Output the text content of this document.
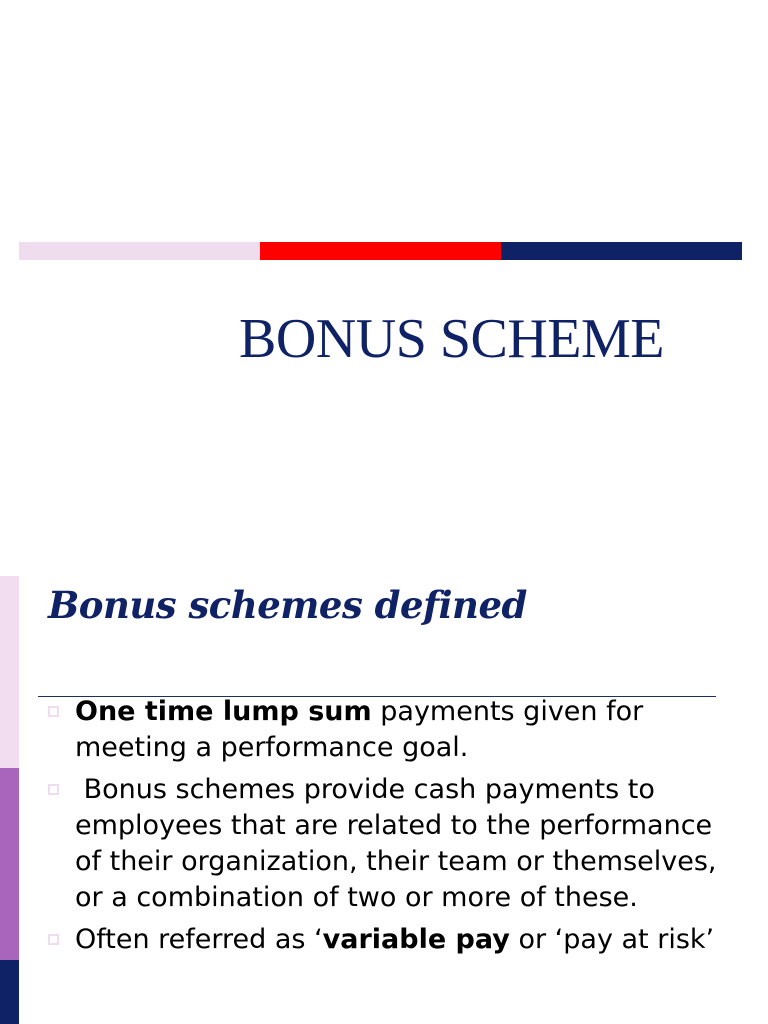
BONUS SCHEME
Bonus schemes defined
One time lump sum payments given for meeting a performance goal.
Bonus schemes provide cash payments to employees that are related to the performance of their organization, their team or themselves, or a combination of two or more of these.
Often referred as ‘variable pay or ‘pay at risk’
